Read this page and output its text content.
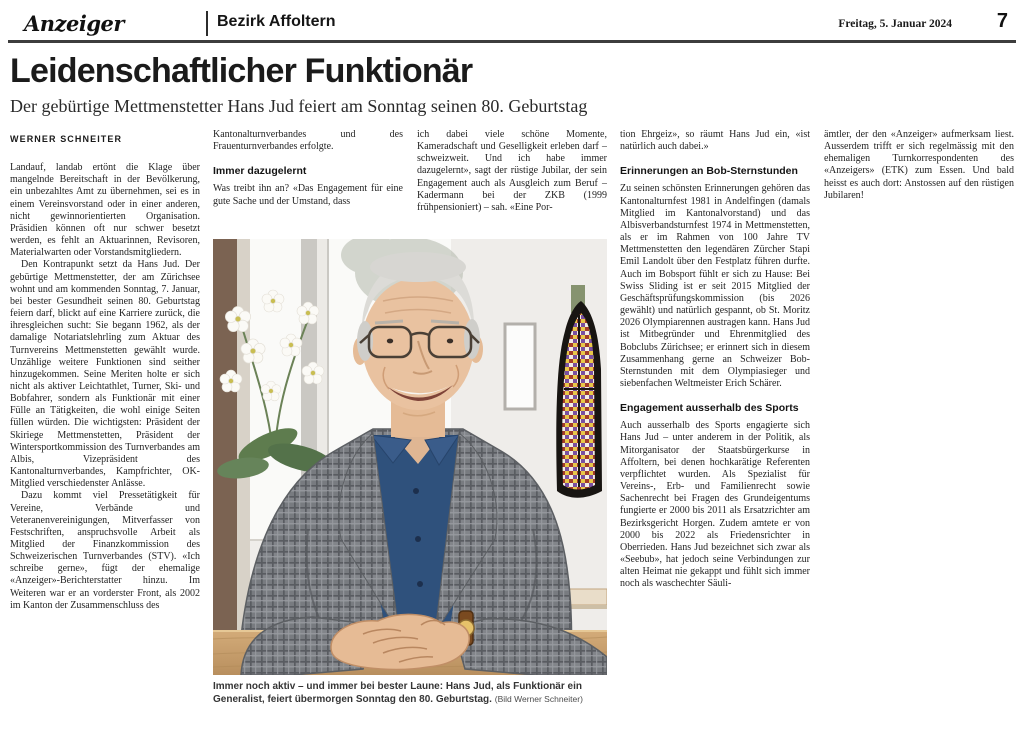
Anzeiger	Bezirk Affoltern	Freitag, 5. Januar 2024 7
Leidenschaftlicher Funktionär
Der gebürtige Mettmenstetter Hans Jud feiert am Sonntag seinen 80. Geburtstag
WERNER SCHNEITER

Landauf, landab ertönt die Klage über mangelnde Bereitschaft in der Bevölkerung, ein unbezahltes Amt zu übernehmen, sei es in einem Vereinsvorstand oder in einer anderen, nicht gewinnorientierten Organisation. Präsidien können oft nur schwer besetzt werden, es fehlt an Aktuarinnen, Revisoren, Materialwarten oder Vorstandsmitgliedern.

Den Kontrapunkt setzt da Hans Jud. Der gebürtige Mettmenstetter, der am Zürichsee wohnt und am kommenden Sonntag, 7. Januar, bei bester Gesundheit seinen 80. Geburtstag feiern darf, blickt auf eine Karriere zurück, die ihresgleichen sucht: Sie begann 1962, als der damalige Notariatslehrling zum Aktuar des Turnvereins Mettmenstetten gewählt wurde. Unzählige weitere Funktionen sind seither hinzugekommen. Seine Meriten holte er sich nicht als aktiver Leichtathlet, Turner, Ski- und Bobfahrer, sondern als Funktionär mit einer Fülle an Tätigkeiten, die wohl einige Seiten füllen würden. Die wichtigsten: Präsident der Skiriege Mettmenstetten, Präsident der Wintersportkommission des Turnverbandes am Albis, Vizepräsident des Kantonalturnverbandes, Kampfrichter, OK-Mitglied verschiedenster Anlässe.

Dazu kommt viel Pressetätigkeit für Vereine, Verbände und Veteranenvereinigungen, Mitverfasser von Festschriften, anspruchsvolle Arbeit als Mitglied der Finanzkommission des Schweizerischen Turnverbandes (STV). «Ich schreibe gerne», fügt der ehemalige «Anzeiger»-Berichterstatter hinzu. Im Weiteren war er an vorderster Front, als 2002 im Kanton der Zusammenschluss des

Kantonalturnverbandes und des Frauenturnverbandes erfolgte.

Immer dazugelernt

Was treibt ihn an? «Das Engagement für eine gute Sache und der Umstand, dass

ich dabei viele schöne Momente, Kameradschaft und Geselligkeit erleben darf – schweizweit. Und ich habe immer dazugelernt», sagt der rüstige Jubilar, der sein Engagement auch als Ausgleich zum Beruf – Kadermann bei der ZKB (1999 frühpensioniert) – sah. «Eine Por-

tion Ehrgeiz», so räumt Hans Jud ein, «ist natürlich auch dabei.»

Erinnerungen an Bob-Sternstunden

Zu seinen schönsten Erinnerungen gehören das Kantonalturnfest 1981 in Andelfingen (damals Mitglied im Kantonalvorstand) und das Albisverbandsturnfest 1974 in Mettmenstetten, als er im Rahmen von 100 Jahre TV Mettmenstetten den legendären Zürcher Stapi Emil Landolt über den Festplatz führen durfte. Auch im Bobsport fühlt er sich zu Hause: Bei Swiss Sliding ist er seit 2015 Mitglied der Geschäftsprüfungskommission (bis 2026 gewählt) und natürlich gespannt, ob St. Moritz 2026 Olympiarennen austragen kann. Hans Jud ist Mitbegründer und Ehrenmitglied des Bobclubs Zürichsee; er erinnert sich in diesem Zusammenhang gerne an Schweizer Bob-Sternstunden mit dem Olympiasieger und siebenfachen Weltmeister Erich Schärer.

Engagement ausserhalb des Sports

Auch ausserhalb des Sports engagierte sich Hans Jud – unter anderem in der Politik, als Mitorganisator der Staatsbürgerkurse in Affoltern, bei denen hochkarätige Referenten verpflichtet wurden. Als Spezialist für Vereins-, Erb- und Familienrecht sowie Sachenrecht bei Fragen des Grundeigentums fungierte er 2000 bis 2011 als Ersatzrichter am Bezirksgericht Horgen. Zudem amtete er von 2000 bis 2022 als Friedensrichter in Oberrieden. Hans Jud bezeichnet sich zwar als «Seebub», hat jedoch seine Verbindungen zur alten Heimat nie gekappt und fühlt sich immer noch als waschechter Säuli-

ämtler, der den «Anzeiger» aufmerksam liest. Ausserdem trifft er sich regelmässig mit den ehemaligen Turnkorrespondenten des «Anzeigers» (ETK) zum Essen. Und bald heisst es auch dort: Anstossen auf den rüstigen Jubilaren!

Immer noch aktiv – und immer bei bester Laune: Hans Jud, als Funktionär ein Generalist, feiert übermorgen Sonntag den 80. Geburtstag. (Bild Werner Schneiter)
